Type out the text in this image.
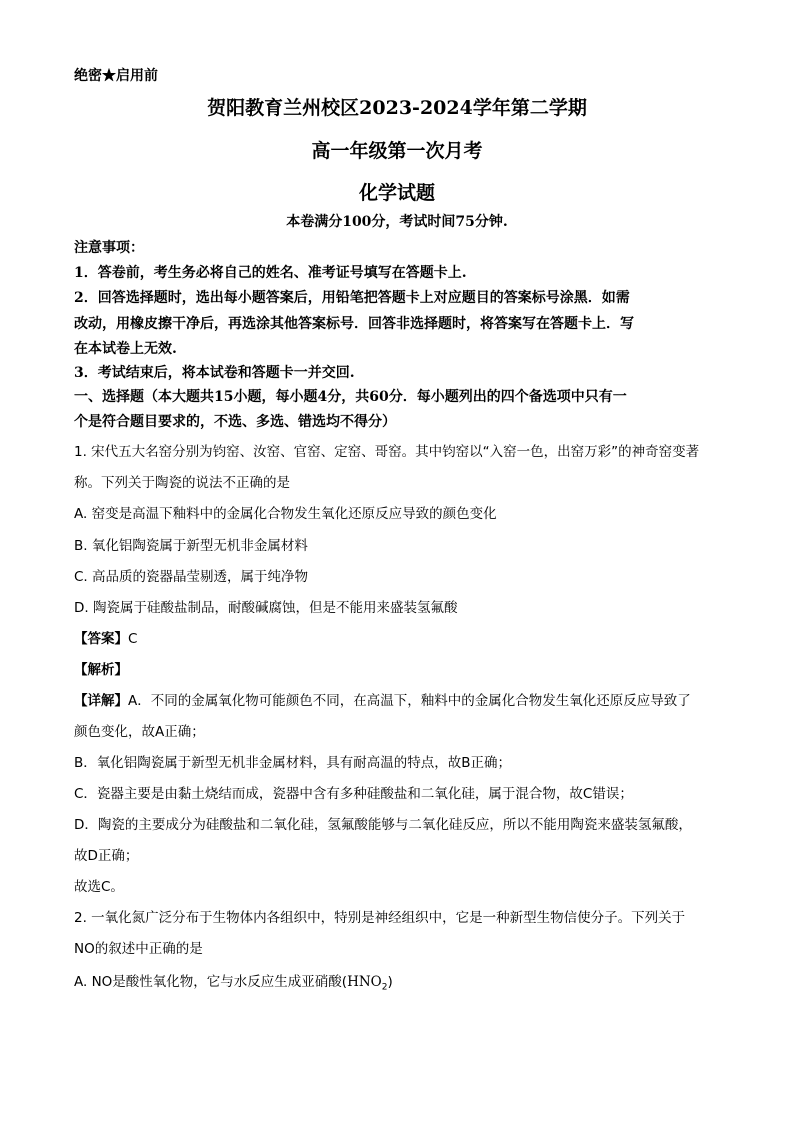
绝密★启用前
贺阳教育兰州校区2023-2024学年第二学期
高一年级第一次月考
化学试题
本卷满分100分，考试时间75分钟.
注意事项：
1．答卷前，考生务必将自己的姓名、准考证号填写在答题卡上.
2．回答选择题时，选出每小题答案后，用铅笔把答题卡上对应题目的答案标号涂黑．如需
改动，用橡皮擦干净后，再选涂其他答案标号．回答非选择题时，将答案写在答题卡上．写
在本试卷上无效.
3．考试结束后，将本试卷和答题卡一并交回.
一、选择题（本大题共15小题，每小题4分，共60分．每小题列出的四个备选项中只有一
个是符合题目要求的，不选、多选、错选均不得分）
1. 宋代五大名窑分别为钧窑、汝窑、官窑、定窑、哥窑。其中钧窑以“入窑一色，出窑万彩”的神奇窑变著
称。下列关于陶瓷的说法不正确的是
A. 窑变是高温下釉料中的金属化合物发生氧化还原反应导致的颜色变化
B. 氧化铝陶瓷属于新型无机非金属材料
C. 高品质的瓷器晶莹剔透，属于纯净物
D. 陶瓷属于硅酸盐制品，耐酸碱腐蚀，但是不能用来盛装氢氟酸
【答案】C
【解析】
【详解】A．不同的金属氧化物可能颜色不同，在高温下，釉料中的金属化合物发生氧化还原反应导致了
颜色变化，故A正确；
B．氧化铝陶瓷属于新型无机非金属材料，具有耐高温的特点，故B正确；
C．瓷器主要是由黏土烧结而成，瓷器中含有多种硅酸盐和二氧化硅，属于混合物，故C错误；
D．陶瓷的主要成分为硅酸盐和二氧化硅，氢氟酸能够与二氧化硅反应，所以不能用陶瓷来盛装氢氟酸，
故D正确；
故选C。
2. 一氧化氮广泛分布于生物体内各组织中，特别是神经组织中，它是一种新型生物信使分子。下列关于
NO的叙述中正确的是
A. NO是酸性氧化物，它与水反应生成亚硝酸$(HNO_2)$
